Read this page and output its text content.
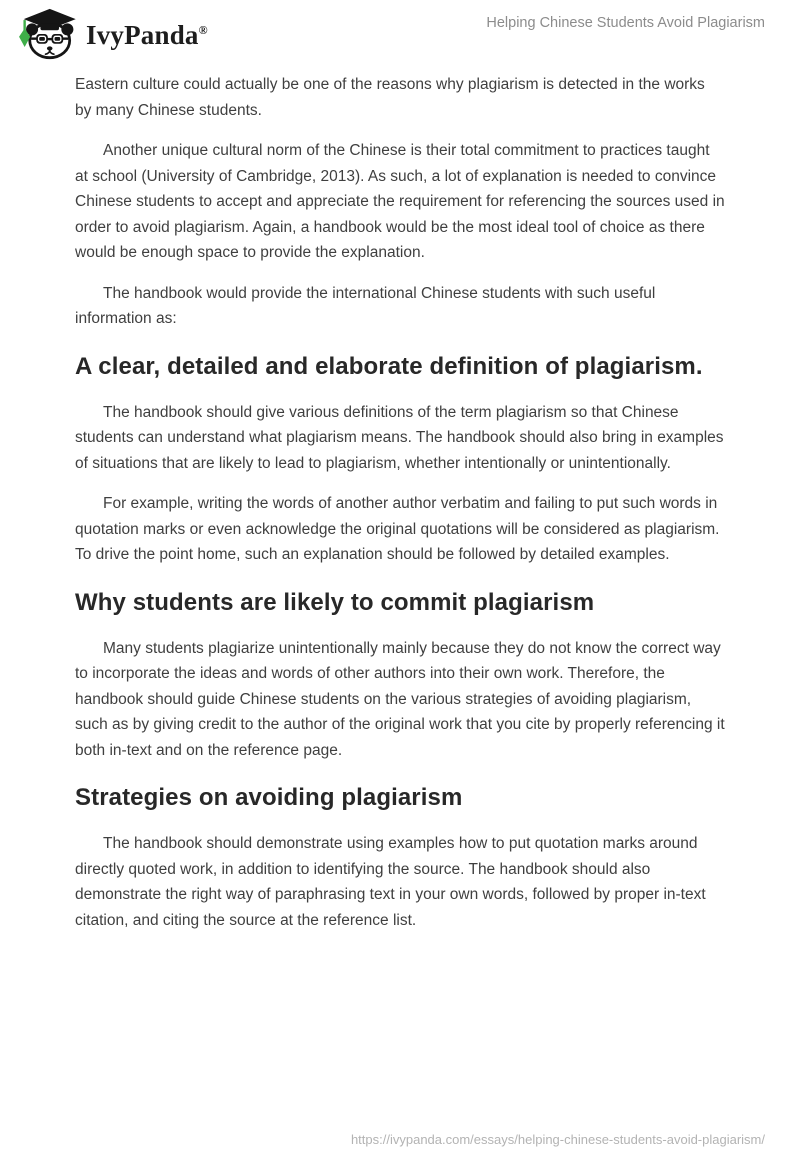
IvyPanda®	Helping Chinese Students Avoid Plagiarism

Eastern culture could actually be one of the reasons why plagiarism is detected in the works by many Chinese students.

Another unique cultural norm of the Chinese is their total commitment to practices taught at school (University of Cambridge, 2013). As such, a lot of explanation is needed to convince Chinese students to accept and appreciate the requirement for referencing the sources used in order to avoid plagiarism. Again, a handbook would be the most ideal tool of choice as there would be enough space to provide the explanation.

The handbook would provide the international Chinese students with such useful information as:

A clear, detailed and elaborate definition of plagiarism.

The handbook should give various definitions of the term plagiarism so that Chinese students can understand what plagiarism means. The handbook should also bring in examples of situations that are likely to lead to plagiarism, whether intentionally or unintentionally.

For example, writing the words of another author verbatim and failing to put such words in quotation marks or even acknowledge the original quotations will be considered as plagiarism. To drive the point home, such an explanation should be followed by detailed examples.

Why students are likely to commit plagiarism

Many students plagiarize unintentionally mainly because they do not know the correct way to incorporate the ideas and words of other authors into their own work. Therefore, the handbook should guide Chinese students on the various strategies of avoiding plagiarism, such as by giving credit to the author of the original work that you cite by properly referencing it both in-text and on the reference page.

Strategies on avoiding plagiarism

The handbook should demonstrate using examples how to put quotation marks around directly quoted work, in addition to identifying the source. The handbook should also demonstrate the right way of paraphrasing text in your own words, followed by proper in-text citation, and citing the source at the reference list.

https://ivypanda.com/essays/helping-chinese-students-avoid-plagiarism/
